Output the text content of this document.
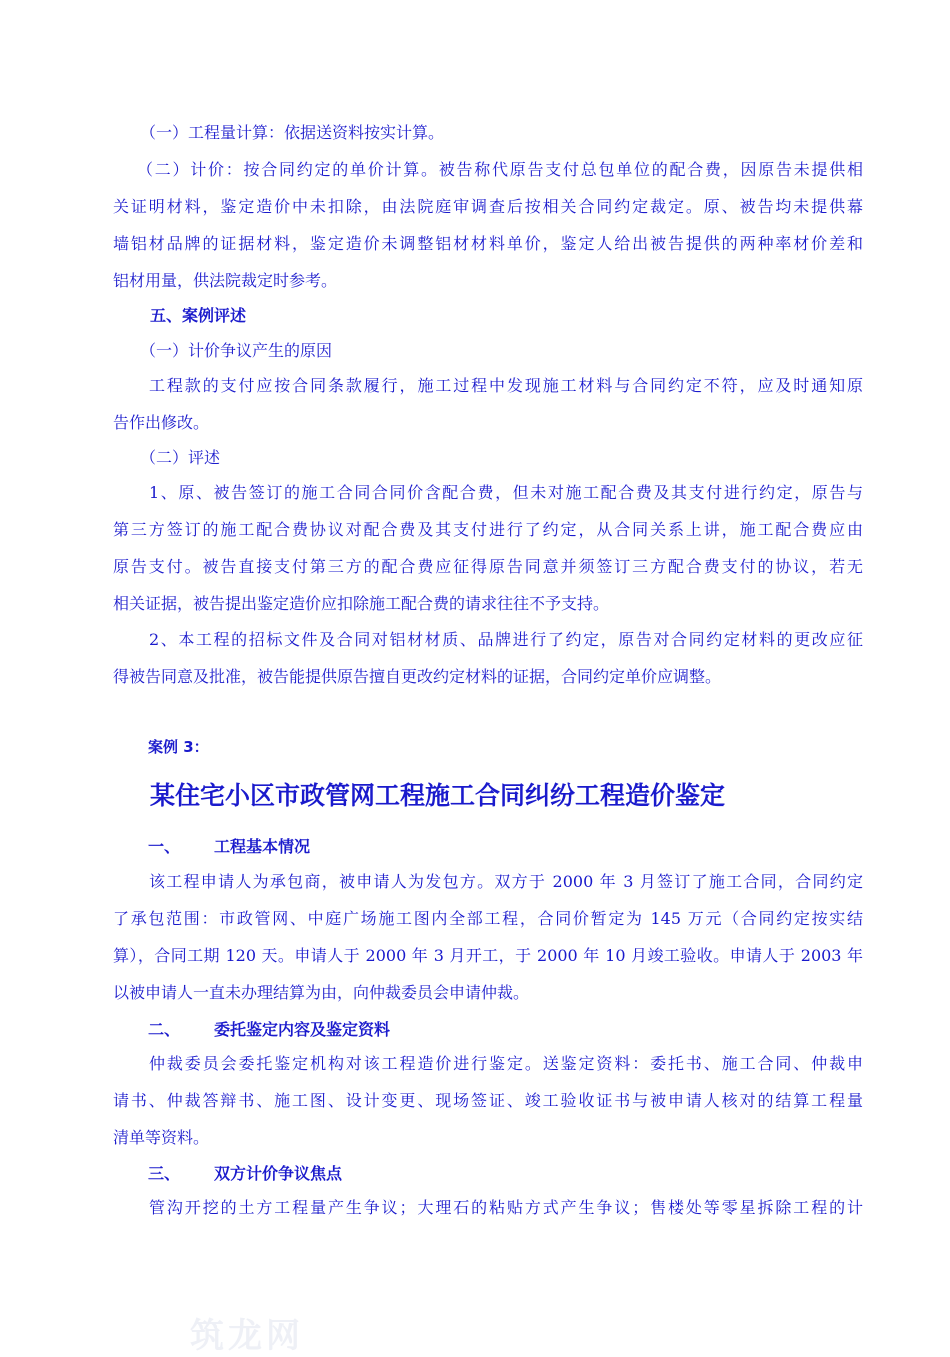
（一）工程量计算：依据送资料按实计算。
（二）计价：按合同约定的单价计算。被告称代原告支付总包单位的配合费，因原告未提供相
关证明材料，鉴定造价中未扣除，由法院庭审调查后按相关合同约定裁定。原、被告均未提供幕
墙铝材品牌的证据材料，鉴定造价未调整铝材材料单价，鉴定人给出被告提供的两种率材价差和
铝材用量，供法院裁定时参考。
五、案例评述
（一）计价争议产生的原因
工程款的支付应按合同条款履行，施工过程中发现施工材料与合同约定不符，应及时通知原
告作出修改。
（二）评述
1、原、被告签订的施工合同合同价含配合费，但未对施工配合费及其支付进行约定，原告与
第三方签订的施工配合费协议对配合费及其支付进行了约定，从合同关系上讲，施工配合费应由
原告支付。被告直接支付第三方的配合费应征得原告同意并须签订三方配合费支付的协议，若无
相关证据，被告提出鉴定造价应扣除施工配合费的请求往往不予支持。
2、本工程的招标文件及合同对铝材材质、品牌进行了约定，原告对合同约定材料的更改应征
得被告同意及批准，被告能提供原告擅自更改约定材料的证据，合同约定单价应调整。
案例 3：
某住宅小区市政管网工程施工合同纠纷工程造价鉴定
一、 工程基本情况
该工程申请人为承包商，被申请人为发包方。双方于 2000 年 3 月签订了施工合同，合同约定
了承包范围：市政管网、中庭广场施工图内全部工程，合同价暂定为 145 万元（合同约定按实结
算），合同工期 120 天。申请人于 2000 年 3 月开工，于 2000 年 10 月竣工验收。申请人于 2003 年
以被申请人一直未办理结算为由，向仲裁委员会申请仲裁。
二、 委托鉴定内容及鉴定资料
仲裁委员会委托鉴定机构对该工程造价进行鉴定。送鉴定资料：委托书、施工合同、仲裁申
请书、仲裁答辩书、施工图、设计变更、现场签证、竣工验收证书与被申请人核对的结算工程量
清单等资料。
三、 双方计价争议焦点
管沟开挖的土方工程量产生争议；大理石的粘贴方式产生争议；售楼处等零星拆除工程的计
筑龙网
